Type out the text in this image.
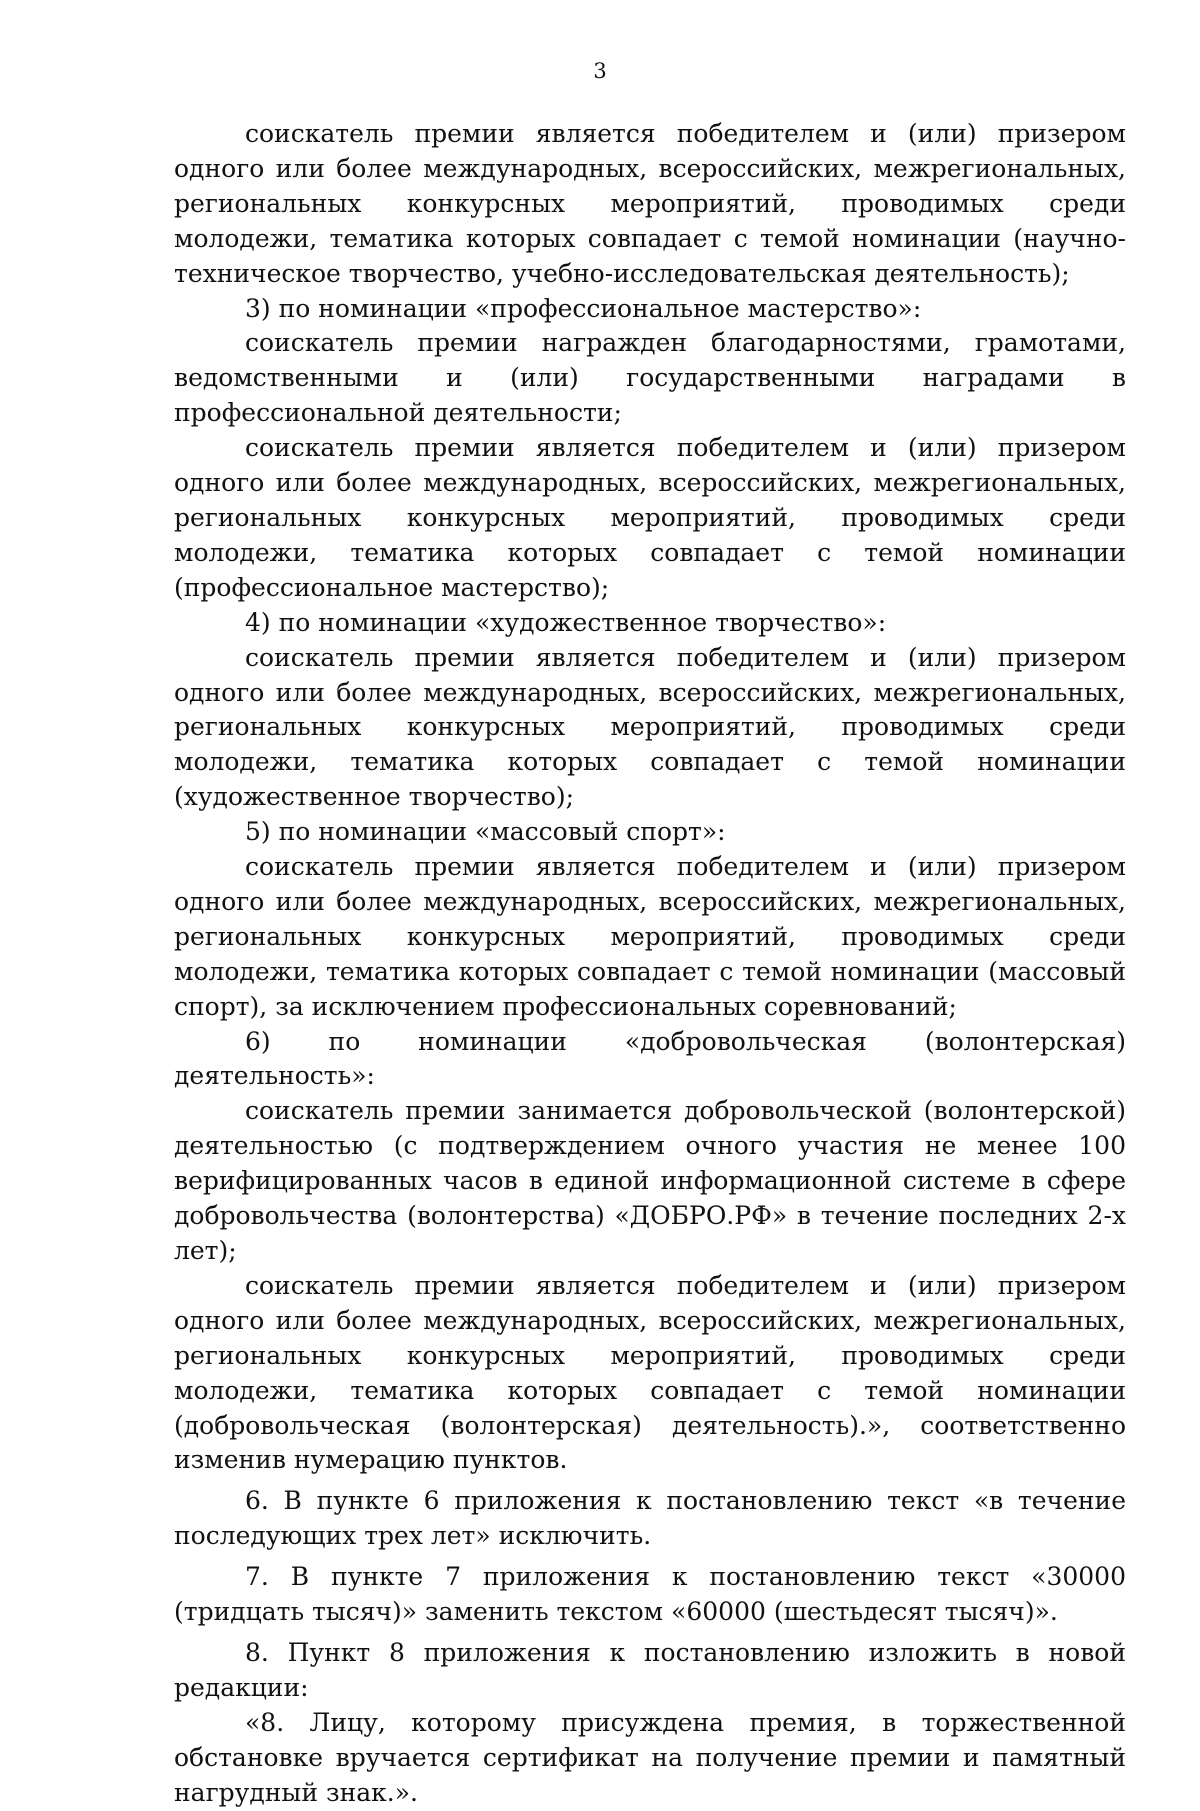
3

соискатель премии является победителем и (или) призером одного или более международных, всероссийских, межрегиональных, региональных конкурсных мероприятий, проводимых среди молодежи, тематика которых совпадает с темой номинации (научно-техническое творчество, учебно-исследовательская деятельность);

3) по номинации «профессиональное мастерство»:

соискатель премии награжден благодарностями, грамотами, ведомственными и (или) государственными наградами в профессиональной деятельности;

соискатель премии является победителем и (или) призером одного или более международных, всероссийских, межрегиональных, региональных конкурсных мероприятий, проводимых среди молодежи, тематика которых совпадает с темой номинации (профессиональное мастерство);

4) по номинации «художественное творчество»:

соискатель премии является победителем и (или) призером одного или более международных, всероссийских, межрегиональных, региональных конкурсных мероприятий, проводимых среди молодежи, тематика которых совпадает с темой номинации (художественное творчество);

5) по номинации «массовый спорт»:

соискатель премии является победителем и (или) призером одного или более международных, всероссийских, межрегиональных, региональных конкурсных мероприятий, проводимых среди молодежи, тематика которых совпадает с темой номинации (массовый спорт), за исключением профессиональных соревнований;

6) по номинации «добровольческая (волонтерская) деятельность»:

соискатель премии занимается добровольческой (волонтерской) деятельностью (с подтверждением очного участия не менее 100 верифицированных часов в единой информационной системе в сфере добровольчества (волонтерства) «ДОБРО.РФ» в течение последних 2-х лет);

соискатель премии является победителем и (или) призером одного или более международных, всероссийских, межрегиональных, региональных конкурсных мероприятий, проводимых среди молодежи, тематика которых совпадает с темой номинации (добровольческая (волонтерская) деятельность).», соответственно изменив нумерацию пунктов.

6. В пункте 6 приложения к постановлению текст «в течение последующих трех лет» исключить.

7. В пункте 7 приложения к постановлению текст «30000 (тридцать тысяч)» заменить текстом «60000 (шестьдесят тысяч)».

8. Пункт 8 приложения к постановлению изложить в новой редакции:

«8. Лицу, которому присуждена премия, в торжественной обстановке вручается сертификат на получение премии и памятный нагрудный знак.».
